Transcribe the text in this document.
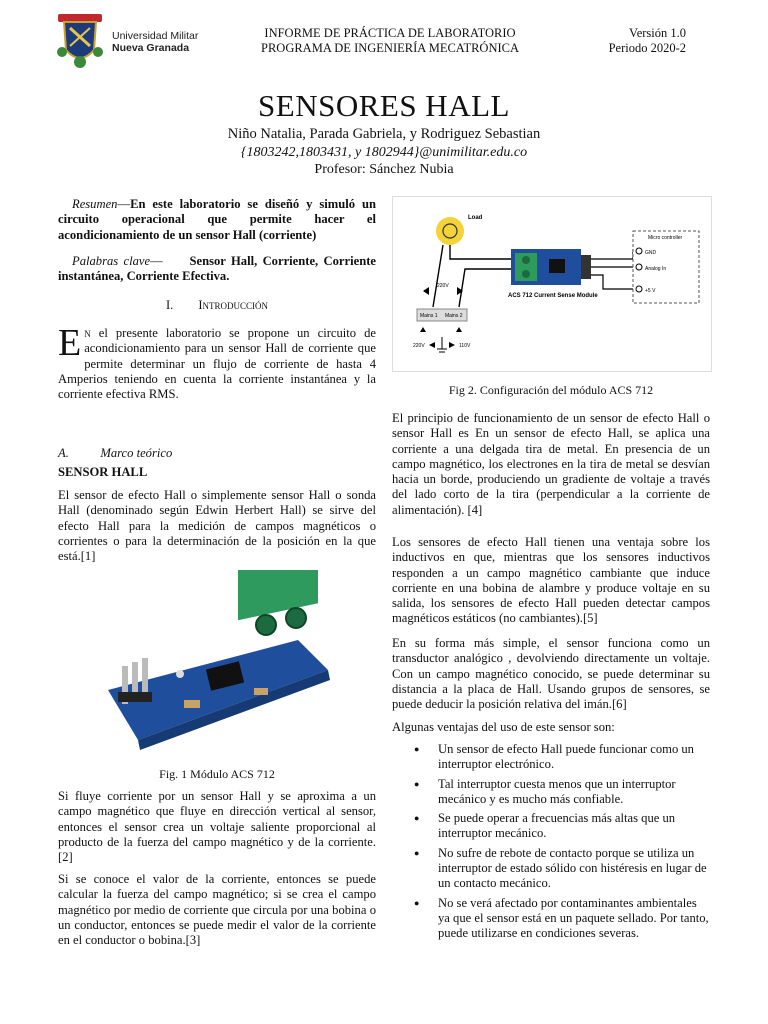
Universidad Militar
Nueva Granada
INFORME DE PRÁCTICA DE LABORATORIO
PROGRAMA DE INGENIERÍA MECATRÓNICA
Versión 1.0
Periodo 2020-2
SENSORES HALL
Niño Natalia, Parada Gabriela, y Rodriguez Sebastian
{1803242,1803431, y 1802944}@unimilitar.edu.co
Profesor: Sánchez Nubia

Resumen—En este laboratorio se diseñó y simuló un circuito operacional que permite hacer el acondicionamiento de un sensor Hall (corriente)

Palabras clave— Sensor Hall, Corriente, Corriente instantánea, Corriente Efectiva.

I. Introducción
En el presente laboratorio se propone un circuito de acondicionamiento para un sensor Hall de corriente que permite determinar un flujo de corriente de hasta 4 Amperios teniendo en cuenta la corriente instantánea y la corriente efectiva RMS.
A. Marco teórico
SENSOR HALL
El sensor de efecto Hall o simplemente sensor Hall o sonda Hall (denominado según Edwin Herbert Hall) se sirve del efecto Hall para la medición de campos magnéticos o corrientes o para la determinación de la posición en la que está.[1]
Fig. 1 Módulo ACS 712
Si fluye corriente por un sensor Hall y se aproxima a un campo magnético que fluye en dirección vertical al sensor, entonces el sensor crea un voltaje saliente proporcional al producto de la fuerza del campo magnético y de la corriente.[2]
Si se conoce el valor de la corriente, entonces se puede calcular la fuerza del campo magnético; si se crea el campo magnético por medio de corriente que circula por una bobina o un conductor, entonces se puede medir el valor de la corriente en el conductor o bobina.[3]
Load
ACS 712 Current Sense Module
Micro controller
GND
Analog In
+5 V
220V
Mains 1 Mains 2
220V	110V
Fig 2. Configuración del módulo ACS 712
El principio de funcionamiento de un sensor de efecto Hall o sensor Hall es En un sensor de efecto Hall, se aplica una corriente a una delgada tira de metal. En presencia de un campo magnético, los electrones en la tira de metal se desvían hacia un borde, produciendo un gradiente de voltaje a través del lado corto de la tira (perpendicular a la corriente de alimentación). [4]
Los sensores de efecto Hall tienen una ventaja sobre los inductivos en que, mientras que los sensores inductivos responden a un campo magnético cambiante que induce corriente en una bobina de alambre y produce voltaje en su salida, los sensores de efecto Hall pueden detectar campos magnéticos estáticos (no cambiantes).[5]
En su forma más simple, el sensor funciona como un transductor analógico , devolviendo directamente un voltaje. Con un campo magnético conocido, se puede determinar su distancia a la placa de Hall. Usando grupos de sensores, se puede deducir la posición relativa del imán.[6]
Algunas ventajas del uso de este sensor son:
● Un sensor de efecto Hall puede funcionar como un interruptor electrónico.
● Tal interruptor cuesta menos que un interruptor mecánico y es mucho más confiable.
● Se puede operar a frecuencias más altas que un interruptor mecánico.
● No sufre de rebote de contacto porque se utiliza un interruptor de estado sólido con histéresis en lugar de un contacto mecánico.
● No se verá afectado por contaminantes ambientales ya que el sensor está en un paquete sellado. Por tanto, puede utilizarse en condiciones severas.
